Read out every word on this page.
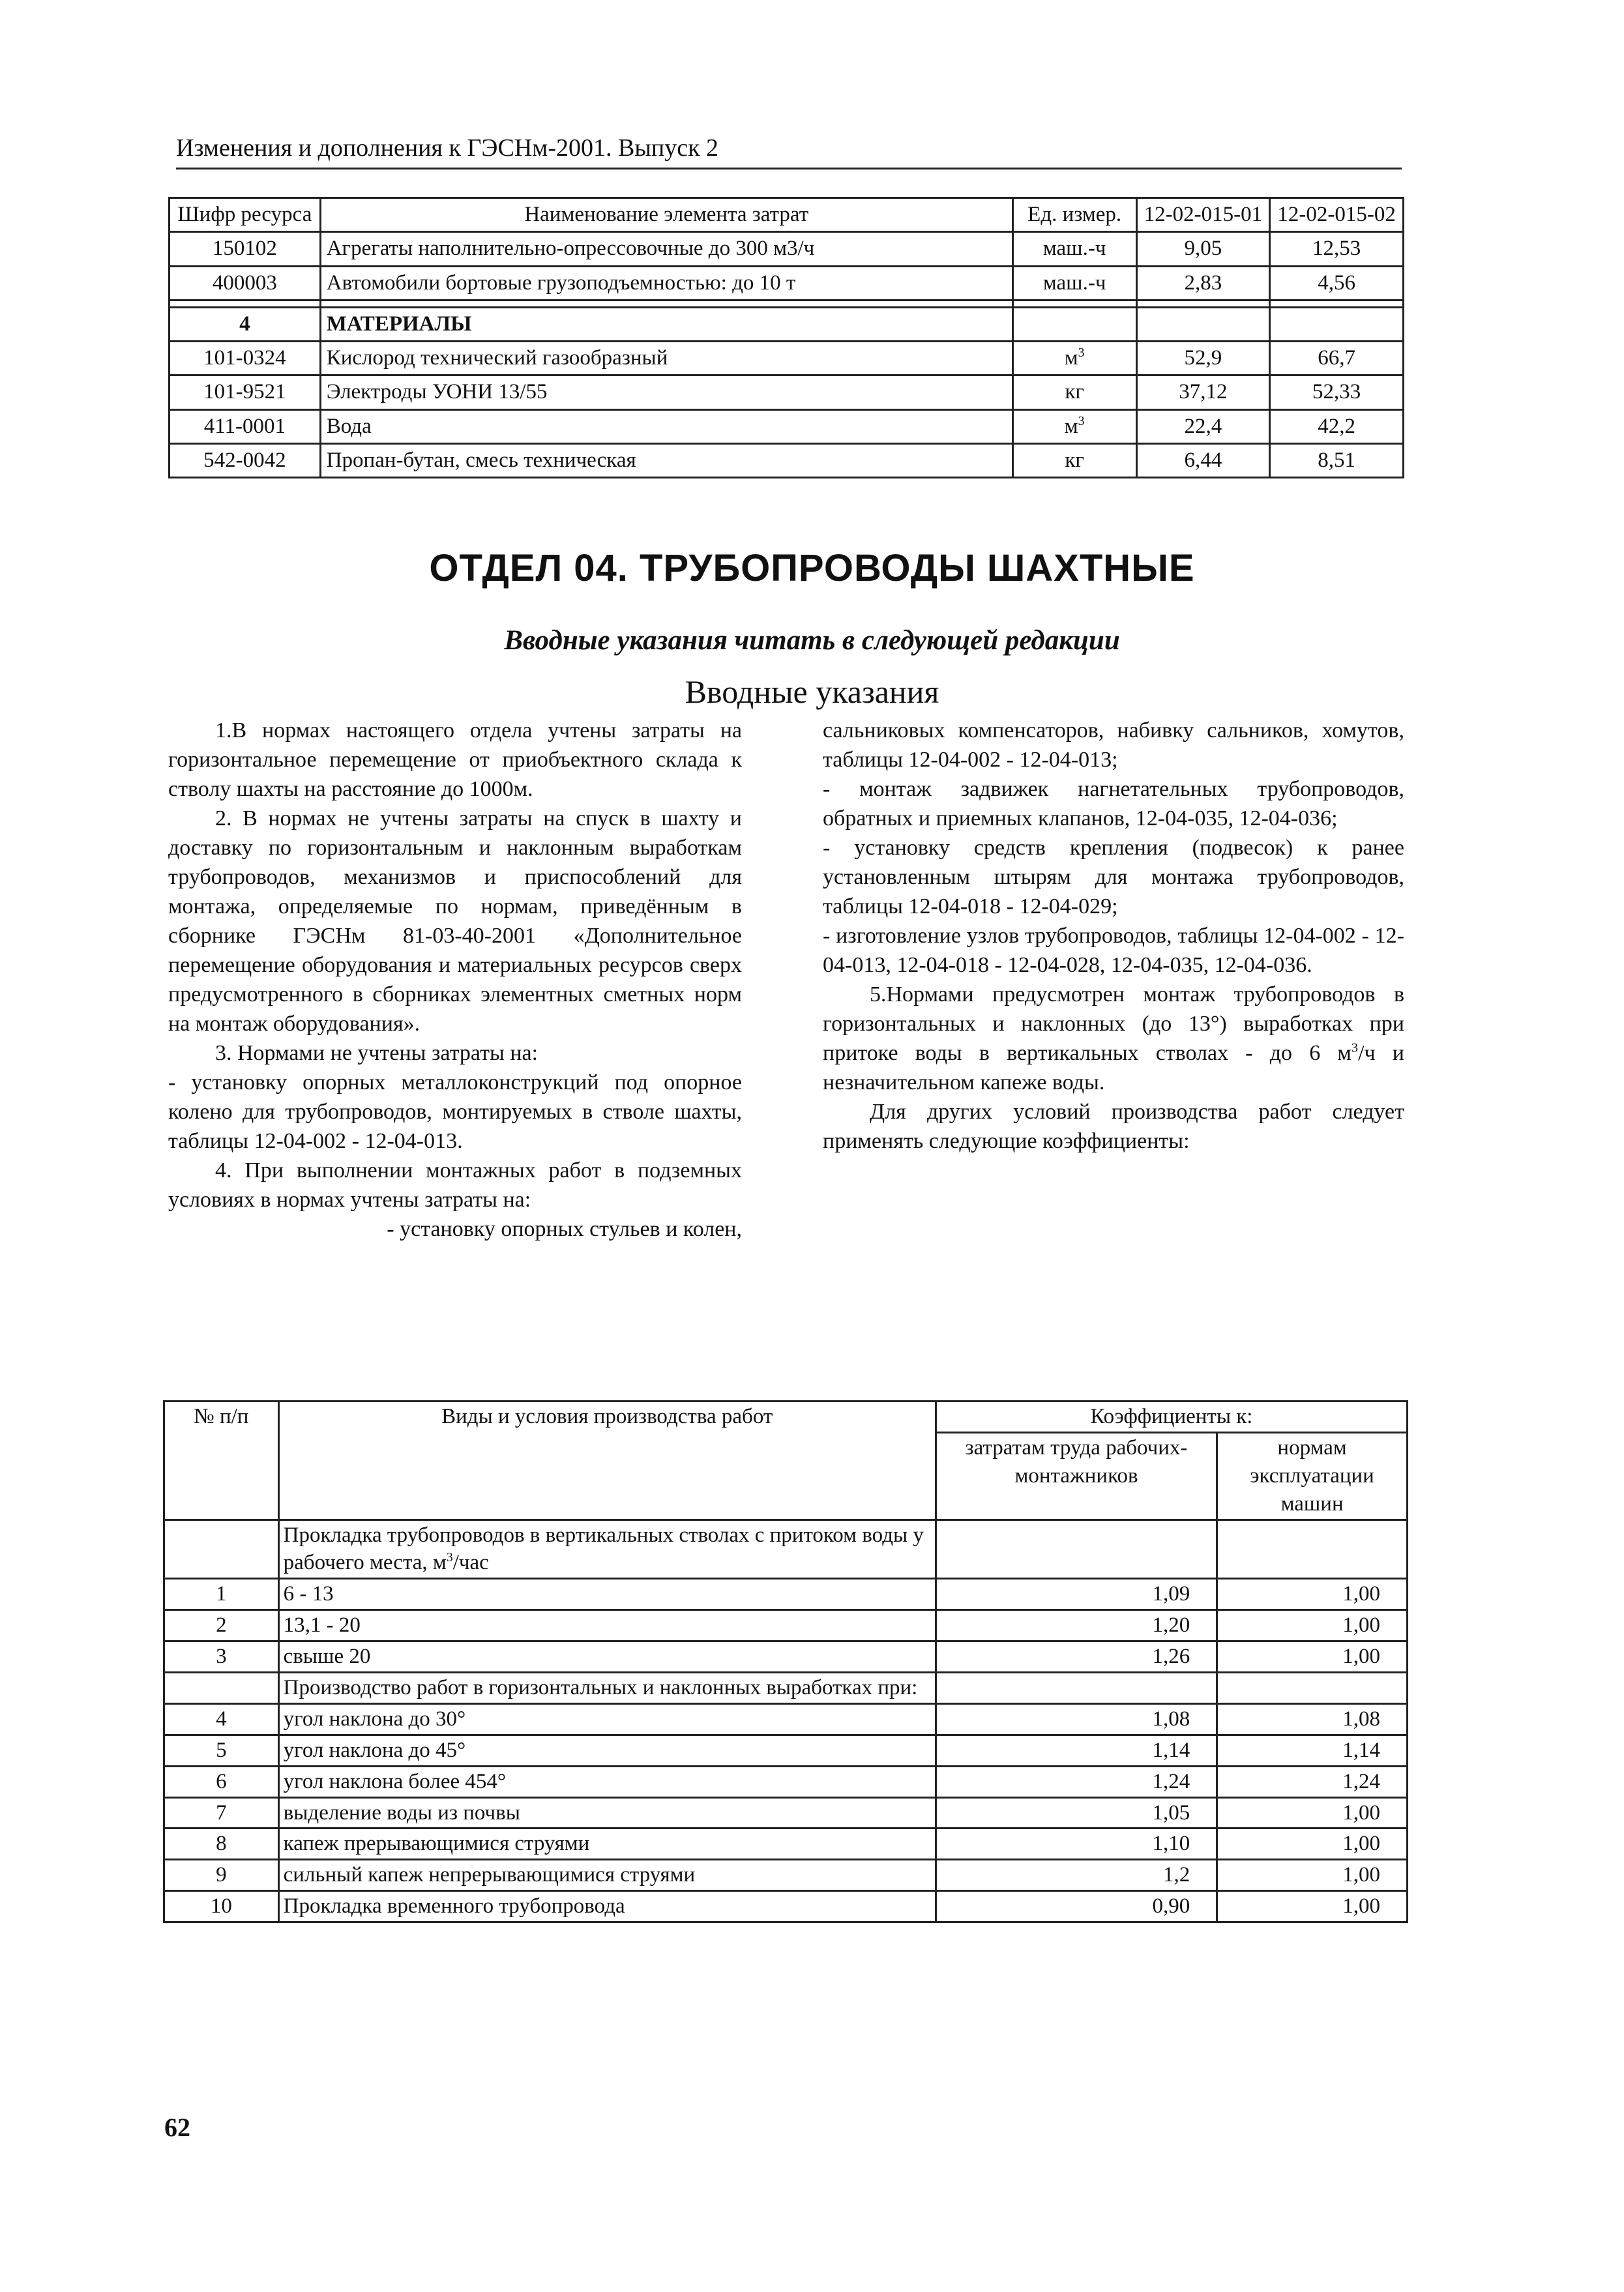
Изменения и дополнения к ГЭСНм-2001. Выпуск 2
Шифр ресурса	Наименование элемента затрат	Ед. измер.	12-02-015-01	12-02-015-02
150102	Агрегаты наполнительно-опрессовочные до 300 м3/ч	маш.-ч	9,05	12,53
400003	Автомобили бортовые грузоподъемностью: до 10 т	маш.-ч	2,83	4,56

4	МАТЕРИАЛЫ			
101-0324	Кислород технический газообразный	$м^3$	52,9	66,7
101-9521	Электроды УОНИ 13/55	кг	37,12	52,33
411-0001	Вода	$м^3$	22,4	42,2
542-0042	Пропан-бутан, смесь техническая	кг	6,44	8,51
ОТДЕЛ 04. ТРУБОПРОВОДЫ ШАХТНЫЕ
Вводные указания читать в следующей редакции
Вводные указания

1.В нормах настоящего отдела учтены затраты на горизонтальное перемещение от приобъектного склада к стволу шахты на расстояние до 1000м.

2. В нормах не учтены затраты на спуск в шахту и доставку по горизонтальным и наклонным выработкам трубопроводов, механизмов и приспособлений для монтажа, определяемые по нормам, приведённым в сборнике ГЭСНм 81-03-40-2001 «Дополнительное перемещение оборудования и материальных ресурсов сверх предусмотренного в сборниках элементных сметных норм на монтаж оборудования».

3. Нормами не учтены затраты на:

- установку опорных металлоконструкций под опорное колено для трубопроводов, монтируемых в стволе шахты, таблицы 12-04-002 - 12-04-013.

4. При выполнении монтажных работ в подземных условиях в нормах учтены затраты на:

- установку опорных стульев и колен,

сальниковых компенсаторов, набивку сальников, хомутов, таблицы 12-04-002 - 12-04-013;

- монтаж задвижек нагнетательных трубопроводов, обратных и приемных клапанов, 12-04-035, 12-04-036;

- установку средств крепления (подвесок) к ранее установленным штырям для монтажа трубопроводов, таблицы 12-04-018 - 12-04-029;

- изготовление узлов трубопроводов, таблицы 12-04-002 - 12-04-013, 12-04-018 - 12-04-028, 12-04-035, 12-04-036.

5.Нормами предусмотрен монтаж трубопроводов в горизонтальных и наклонных (до 13°) выработках при притоке воды в вертикальных стволах - до 6 $м^3/ч$ и незначительном капеже воды.

Для других условий производства работ следует применять следующие коэффициенты:

№ п/п	Виды и условия производства работ	Коэффициенты к:	
		затратам труда рабочих-монтажников	нормам эксплуатации машин
	Прокладка трубопроводов в вертикальных стволах с притоком воды у рабочего места, $м^3$/час		
1	6 - 13	1,09	1,00
2	13,1 - 20	1,20	1,00
3	свыше 20	1,26	1,00
	Производство работ в горизонтальных и наклонных выработках при:		
4	угол наклона до 30°	1,08	1,08
5	угол наклона до 45°	1,14	1,14
6	угол наклона более 454°	1,24	1,24
7	выделение воды из почвы	1,05	1,00
8	капеж прерывающимися струями	1,10	1,00
9	сильный капеж непрерывающимися струями	1,2	1,00
10	Прокладка временного трубопровода	0,90	1,00
62
